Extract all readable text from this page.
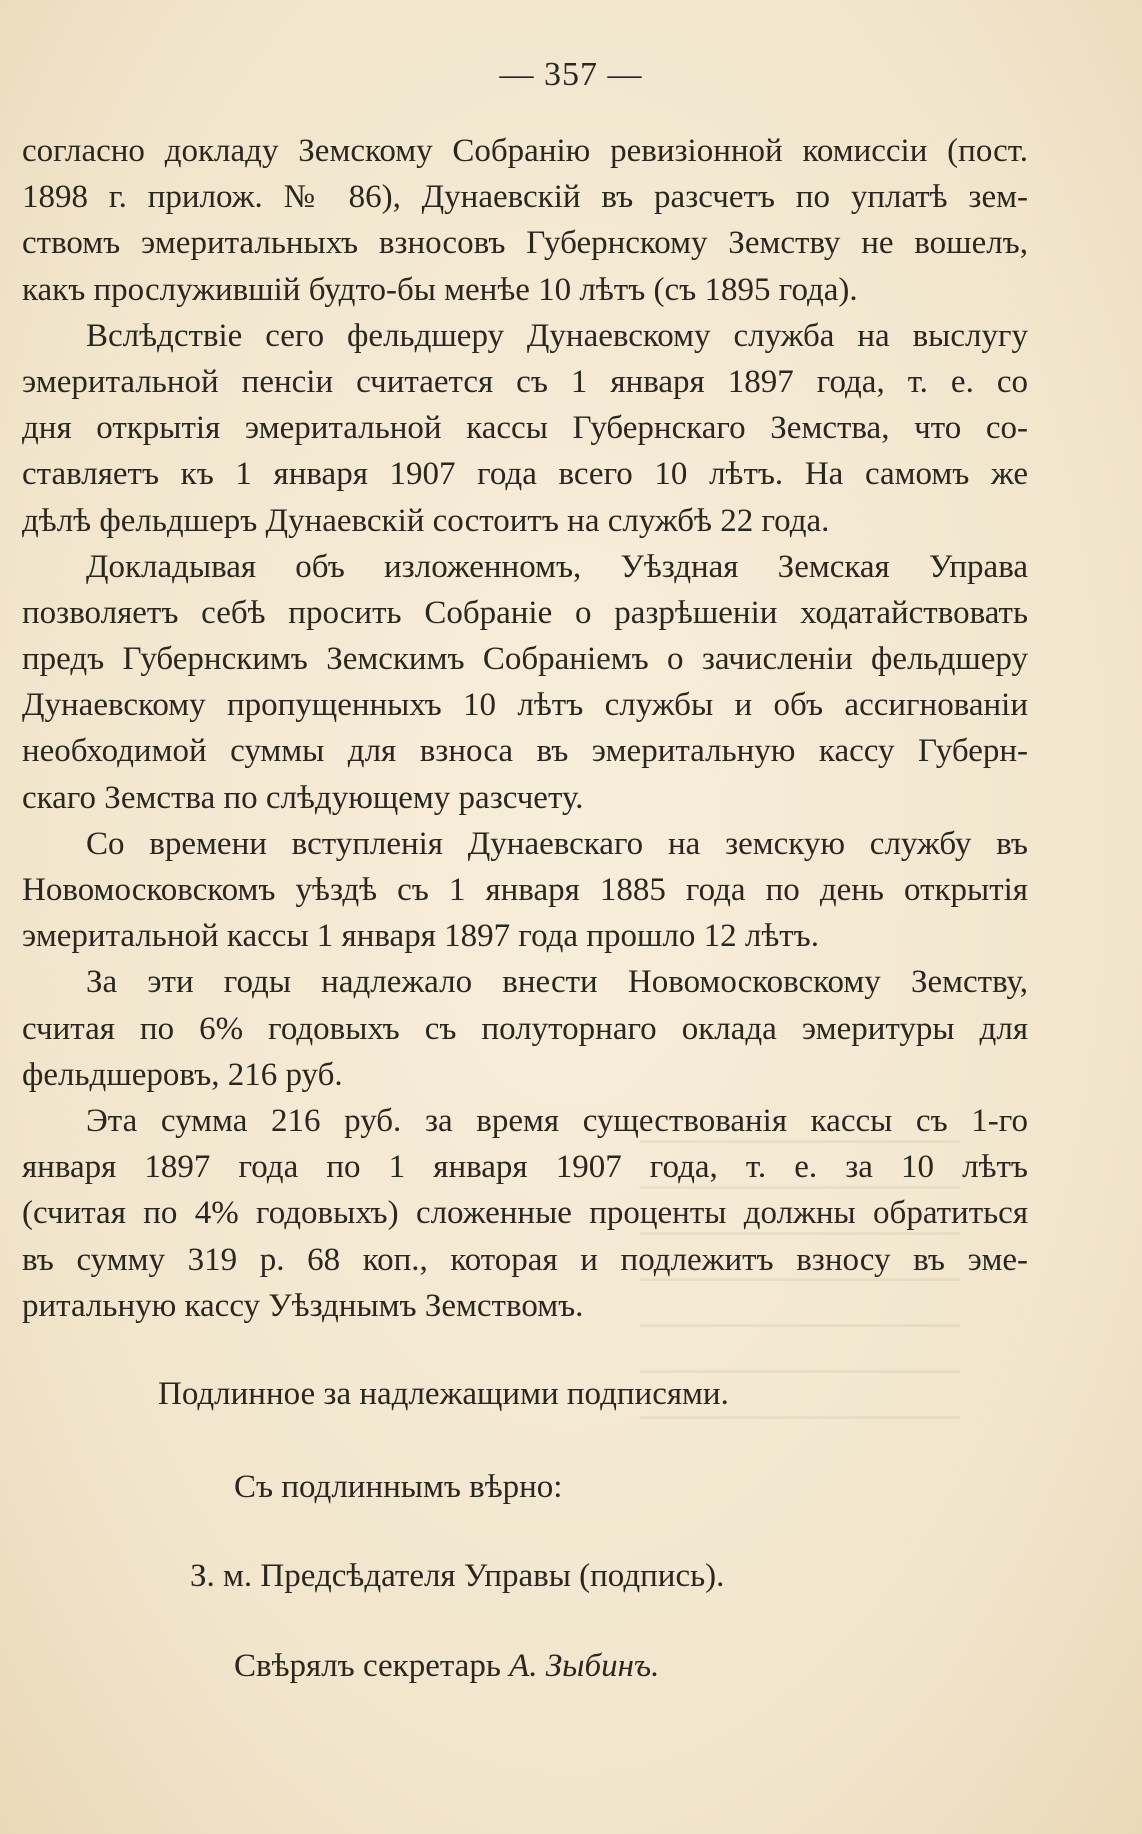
— 357 —
согласно докладу Земскому Собранію ревизіонной комиссіи (пост.
1898 г. прилож. № 86), Дунаевскій въ разсчетъ по уплатѣ зем-
ствомъ эмеритальныхъ взносовъ Губернскому Земству не вошелъ,
какъ прослужившій будто-бы менѣе 10 лѣтъ (съ 1895 года).
Вслѣдствіе сего фельдшеру Дунаевскому служба на выслугу
эмеритальной пенсіи считается съ 1 января 1897 года, т. е. со
дня открытія эмеритальной кассы Губернскаго Земства, что со-
ставляетъ къ 1 января 1907 года всего 10 лѣтъ. На самомъ же
дѣлѣ фельдшеръ Дунаевскій состоитъ на службѣ 22 года.
Докладывая объ изложенномъ, Уѣздная Земская Управа
позволяетъ себѣ просить Собраніе о разрѣшеніи ходатайствовать
предъ Губернскимъ Земскимъ Собраніемъ о зачисленіи фельдшеру
Дунаевскому пропущенныхъ 10 лѣтъ службы и объ ассигнованіи
необходимой суммы для взноса въ эмеритальную кассу Губерн-
скаго Земства по слѣдующему разсчету.
Со времени вступленія Дунаевскаго на земскую службу въ
Новомосковскомъ уѣздѣ съ 1 января 1885 года по день открытія
эмеритальной кассы 1 января 1897 года прошло 12 лѣтъ.
За эти годы надлежало внести Новомосковскому Земству,
считая по 6% годовыхъ съ полуторнаго оклада эмеритуры для
фельдшеровъ, 216 руб.
Эта сумма 216 руб. за время существованія кассы съ 1-го
января 1897 года по 1 января 1907 года, т. е. за 10 лѣтъ
(считая по 4% годовыхъ) сложенные проценты должны обратиться
въ сумму 319 р. 68 коп., которая и подлежитъ взносу въ эме-
ритальную кассу Уѣзднымъ Земствомъ.
Подлинное за надлежащими подписями.
Съ подлиннымъ вѣрно:
З. м. Предсѣдателя Управы (подпись).
Свѣрялъ секретарь А. Зыбинъ.
